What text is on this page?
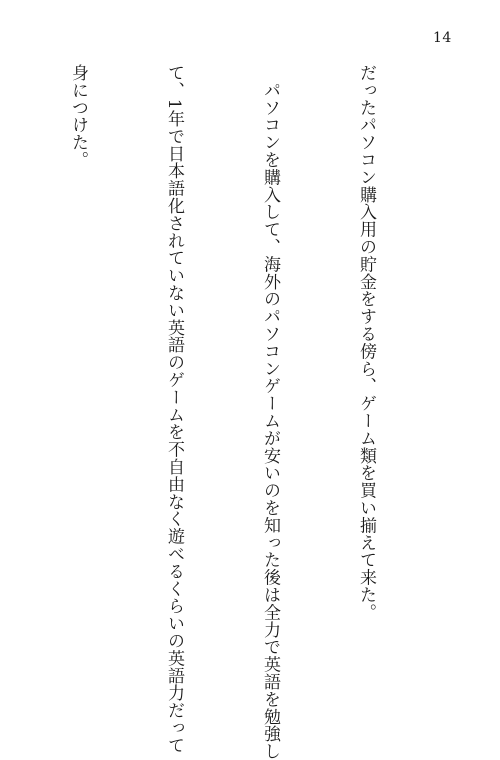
14

だったパソコン購入用の貯金をする傍ら、ゲーム類を買い揃えて来た。

　パソコンを購入して、海外のパソコンゲームが安いのを知った後は全力で英語を勉強し

て、1年で日本語化されていない英語のゲームを不自由なく遊べるくらいの英語力だって

身につけた。
